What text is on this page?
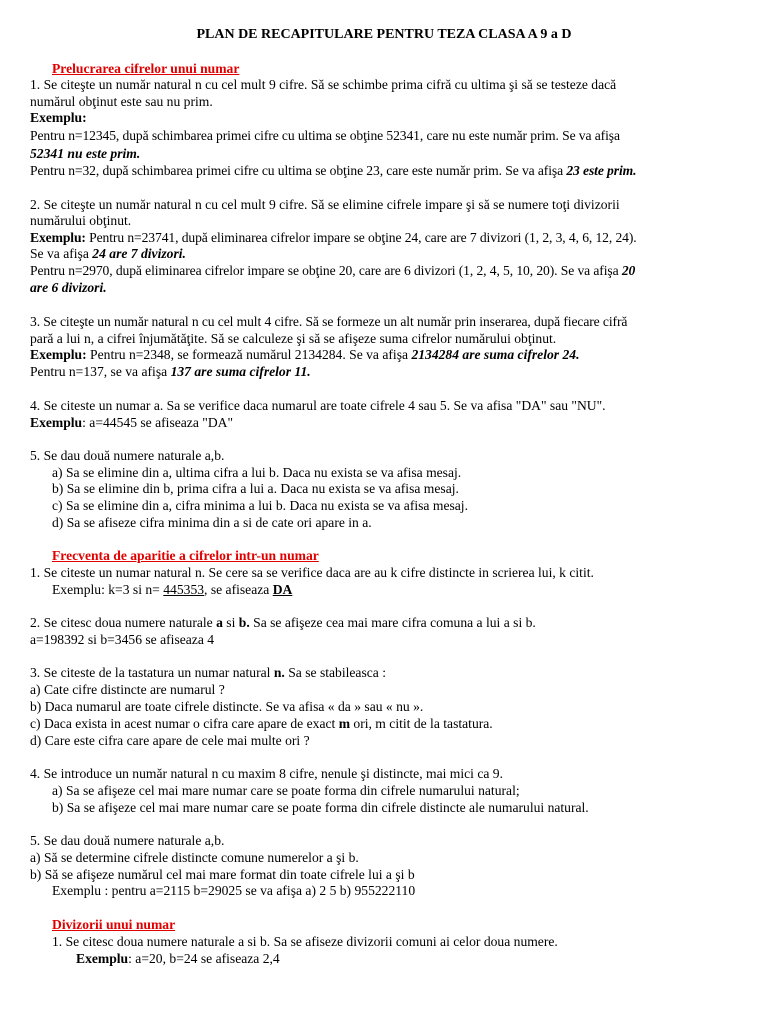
PLAN DE RECAPITULARE PENTRU TEZA CLASA A 9 a D
Prelucrarea cifrelor unui numar
1. Se citeşte un număr natural n cu cel mult 9 cifre. Să se schimbe prima cifră cu ultima şi să se testeze dacă
numărul obţinut este sau nu prim.
Exemplu:
Pentru n=12345, după schimbarea primei cifre cu ultima se obţine 52341, care nu este număr prim. Se va afişa
52341 nu este prim.
Pentru n=32, după schimbarea primei cifre cu ultima se obţine 23, care este număr prim. Se va afişa 23 este prim.
2. Se citeşte un număr natural n cu cel mult 9 cifre. Să se elimine cifrele impare şi să se numere toţi divizorii
numărului obţinut.
Exemplu: Pentru n=23741, după eliminarea cifrelor impare se obţine 24, care are 7 divizori (1, 2, 3, 4, 6, 12, 24).
Se va afişa 24 are 7 divizori.
Pentru n=2970, după eliminarea cifrelor impare se obţine 20, care are 6 divizori (1, 2, 4, 5, 10, 20). Se va afişa 20
are 6 divizori.
3. Se citeşte un număr natural n cu cel mult 4 cifre. Să se formeze un alt număr prin inserarea, după fiecare cifră
pară a lui n, a cifrei înjumătăţite. Să se calculeze şi să se afişeze suma cifrelor numărului obţinut.
Exemplu: Pentru n=2348, se formează numărul 2134284. Se va afişa 2134284 are suma cifrelor 24.
Pentru n=137, se va afişa 137 are suma cifrelor 11.
4. Se citeste un numar a. Sa se verifice daca numarul are toate cifrele 4 sau 5. Se va afisa "DA" sau "NU".
Exemplu: a=44545 se afiseaza "DA"
5. Se dau două numere naturale a,b.
a) Sa se elimine din a, ultima cifra a lui b. Daca nu exista se va afisa mesaj.
b) Sa se elimine din b, prima cifra a lui a. Daca nu exista se va afisa mesaj.
c) Sa se elimine din a, cifra minima a lui b. Daca nu exista se va afisa mesaj.
d) Sa se afiseze cifra minima din a si de cate ori apare in a.
Frecventa de aparitie a cifrelor intr-un numar
1. Se citeste un numar natural n. Se cere sa se verifice daca are au k cifre distincte in scrierea lui, k citit.
Exemplu: k=3 si n= 445353, se afiseaza DA
2. Se citesc doua numere naturale a si b. Sa se afişeze cea mai mare cifra comuna a lui a si b.
a=198392 si b=3456 se afiseaza 4
3. Se citeste de la tastatura un numar natural n. Sa se stabileasca :
a) Cate cifre distincte are numarul ?
b) Daca numarul are toate cifrele distincte. Se va afisa « da » sau « nu ».
c) Daca exista in acest numar o cifra care apare de exact m ori, m citit de la tastatura.
d) Care este cifra care apare de cele mai multe ori ?
4. Se introduce un număr natural n cu maxim 8 cifre, nenule şi distincte, mai mici ca 9.
a) Sa se afişeze cel mai mare numar care se poate forma din cifrele numarului natural;
b) Sa se afişeze cel mai mare numar care se poate forma din cifrele distincte ale numarului natural.
5. Se dau două numere naturale a,b.
a) Să se determine cifrele distincte comune numerelor a şi b.
b) Să se afişeze numărul cel mai mare format din toate cifrele lui a şi b
Exemplu : pentru a=2115 b=29025 se va afişa a) 2 5 b) 955222110
Divizorii unui numar
1. Se citesc doua numere naturale a si b. Sa se afiseze divizorii comuni ai celor doua numere.
Exemplu: a=20, b=24 se afiseaza 2,4
